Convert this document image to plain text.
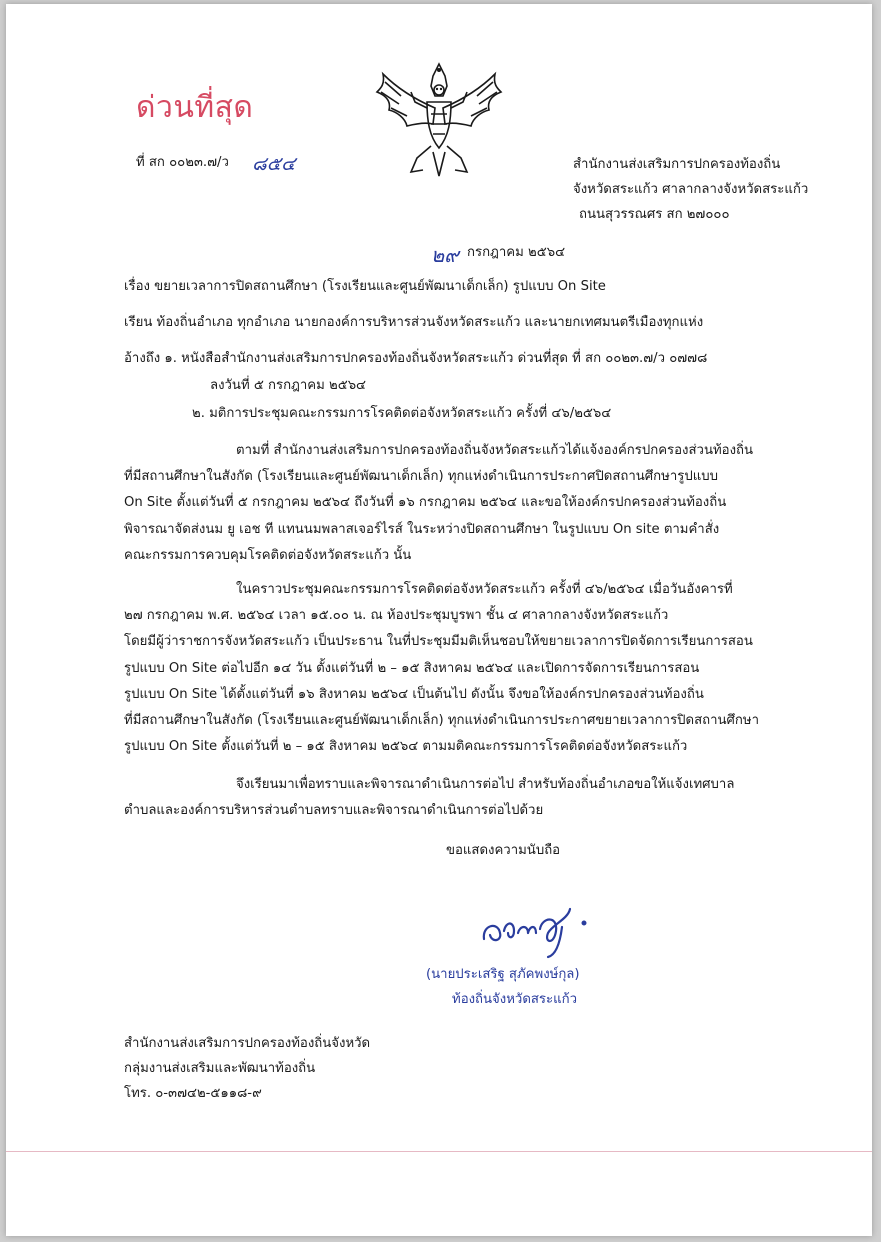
ด่วนที่สุด
ที่ สก ๐๐๒๓.๗/ว ๘๕๔	สำนักงานส่งเสริมการปกครองท้องถิ่น
จังหวัดสระแก้ว ศาลากลางจังหวัดสระแก้ว
ถนนสุวรรณศร สก ๒๗๐๐๐
๒๙ กรกฎาคม ๒๕๖๔
เรื่อง ขยายเวลาการปิดสถานศึกษา (โรงเรียนและศูนย์พัฒนาเด็กเล็ก) รูปแบบ On Site
เรียน ท้องถิ่นอำเภอ ทุกอำเภอ นายกองค์การบริหารส่วนจังหวัดสระแก้ว และนายกเทศมนตรีเมืองทุกแห่ง
อ้างถึง ๑. หนังสือสำนักงานส่งเสริมการปกครองท้องถิ่นจังหวัดสระแก้ว ด่วนที่สุด ที่ สก ๐๐๒๓.๗/ว ๐๗๗๘
ลงวันที่ ๕ กรกฎาคม ๒๕๖๔
๒. มติการประชุมคณะกรรมการโรคติดต่อจังหวัดสระแก้ว ครั้งที่ ๔๖/๒๕๖๔
ตามที่ สำนักงานส่งเสริมการปกครองท้องถิ่นจังหวัดสระแก้วได้แจ้งองค์กรปกครองส่วนท้องถิ่น
ที่มีสถานศึกษาในสังกัด (โรงเรียนและศูนย์พัฒนาเด็กเล็ก) ทุกแห่งดำเนินการประกาศปิดสถานศึกษารูปแบบ
On Site ตั้งแต่วันที่ ๕ กรกฎาคม ๒๕๖๔ ถึงวันที่ ๑๖ กรกฎาคม ๒๕๖๔ และขอให้องค์กรปกครองส่วนท้องถิ่น
พิจารณาจัดส่งนม ยู เอช ที แทนนมพลาสเจอร์ไรส์ ในระหว่างปิดสถานศึกษา ในรูปแบบ On site ตามคำสั่ง
คณะกรรมการควบคุมโรคติดต่อจังหวัดสระแก้ว นั้น
ในคราวประชุมคณะกรรมการโรคติดต่อจังหวัดสระแก้ว ครั้งที่ ๔๖/๒๕๖๔ เมื่อวันอังคารที่
๒๗ กรกฎาคม พ.ศ. ๒๕๖๔ เวลา ๑๕.๐๐ น. ณ ห้องประชุมบูรพา ชั้น ๔ ศาลากลางจังหวัดสระแก้ว
โดยมีผู้ว่าราชการจังหวัดสระแก้ว เป็นประธาน ในที่ประชุมมีมติเห็นชอบให้ขยายเวลาการปิดจัดการเรียนการสอน
รูปแบบ On Site ต่อไปอีก ๑๔ วัน ตั้งแต่วันที่ ๒ – ๑๕ สิงหาคม ๒๕๖๔ และเปิดการจัดการเรียนการสอน
รูปแบบ On Site ได้ตั้งแต่วันที่ ๑๖ สิงหาคม ๒๕๖๔ เป็นต้นไป ดังนั้น จึงขอให้องค์กรปกครองส่วนท้องถิ่น
ที่มีสถานศึกษาในสังกัด (โรงเรียนและศูนย์พัฒนาเด็กเล็ก) ทุกแห่งดำเนินการประกาศขยายเวลาการปิดสถานศึกษา
รูปแบบ On Site ตั้งแต่วันที่ ๒ – ๑๕ สิงหาคม ๒๕๖๔ ตามมติคณะกรรมการโรคติดต่อจังหวัดสระแก้ว
จึงเรียนมาเพื่อทราบและพิจารณาดำเนินการต่อไป สำหรับท้องถิ่นอำเภอขอให้แจ้งเทศบาล
ตำบลและองค์การบริหารส่วนตำบลทราบและพิจารณาดำเนินการต่อไปด้วย
ขอแสดงความนับถือ
(นายประเสริฐ สุภัคพงษ์กุล)
ท้องถิ่นจังหวัดสระแก้ว
สำนักงานส่งเสริมการปกครองท้องถิ่นจังหวัด
กลุ่มงานส่งเสริมและพัฒนาท้องถิ่น
โทร. ๐-๓๗๔๒-๕๑๑๘-๙
